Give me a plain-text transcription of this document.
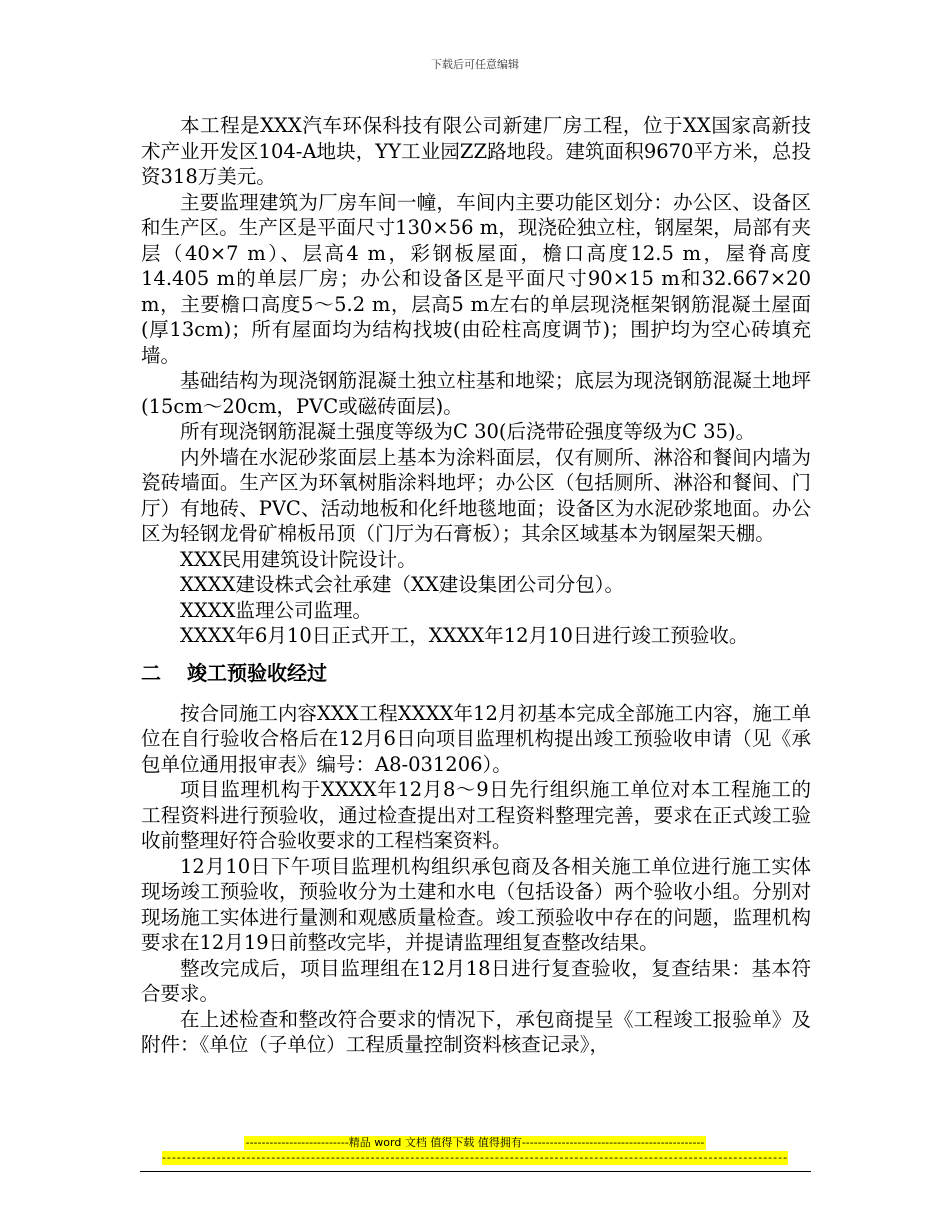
下载后可任意编辑

本工程是XXX汽车环保科技有限公司新建厂房工程，位于XX国家高新技术产业开发区104-A地块，YY工业园ZZ路地段。建筑面积9670平方米，总投资318万美元。

主要监理建筑为厂房车间一幢，车间内主要功能区划分：办公区、设备区和生产区。生产区是平面尺寸130×56 m，现浇砼独立柱，钢屋架，局部有夹层（40×7 m）、层高4 m，彩钢板屋面，檐口高度12.5 m，屋脊高度14.405 m的单层厂房；办公和设备区是平面尺寸90×15 m和32.667×20 m，主要檐口高度5～5.2 m，层高5 m左右的单层现浇框架钢筋混凝土屋面(厚13cm)；所有屋面均为结构找坡(由砼柱高度调节)；围护均为空心砖填充墙。

基础结构为现浇钢筋混凝土独立柱基和地梁；底层为现浇钢筋混凝土地坪(15cm～20cm，PVC或磁砖面层)。

所有现浇钢筋混凝土强度等级为C 30(后浇带砼强度等级为C 35)。

内外墙在水泥砂浆面层上基本为涂料面层，仅有厕所、淋浴和餐间内墙为瓷砖墙面。生产区为环氧树脂涂料地坪；办公区（包括厕所、淋浴和餐间、门厅）有地砖、PVC、活动地板和化纤地毯地面；设备区为水泥砂浆地面。办公区为轻钢龙骨矿棉板吊顶（门厅为石膏板）；其余区域基本为钢屋架天棚。

XXX民用建筑设计院设计。

XXXX建设株式会社承建（XX建设集团公司分包）。

XXXX监理公司监理。

XXXX年6月10日正式开工，XXXX年12月10日进行竣工预验收。

二 竣工预验收经过

按合同施工内容XXX工程XXXX年12月初基本完成全部施工内容，施工单位在自行验收合格后在12月6日向项目监理机构提出竣工预验收申请（见《承包单位通用报审表》编号：A8-031206）。

项目监理机构于XXXX年12月8～9日先行组织施工单位对本工程施工的工程资料进行预验收，通过检查提出对工程资料整理完善，要求在正式竣工验收前整理好符合验收要求的工程档案资料。

12月10日下午项目监理机构组织承包商及各相关施工单位进行施工实体现场竣工预验收，预验收分为土建和水电（包括设备）两个验收小组。分别对现场施工实体进行量测和观感质量检查。竣工预验收中存在的问题，监理机构要求在12月19日前整改完毕，并提请监理组复查整改结果。

整改完成后，项目监理组在12月18日进行复查验收，复查结果：基本符合要求。

在上述检查和整改符合要求的情况下，承包商提呈《工程竣工报验单》及附件：《单位（子单位）工程质量控制资料核查记录》，

--------------------------精品 word 文档 值得下载 值得拥有----------------------------------------------
------------------------------------------------------------------------------------------------------------------------------
